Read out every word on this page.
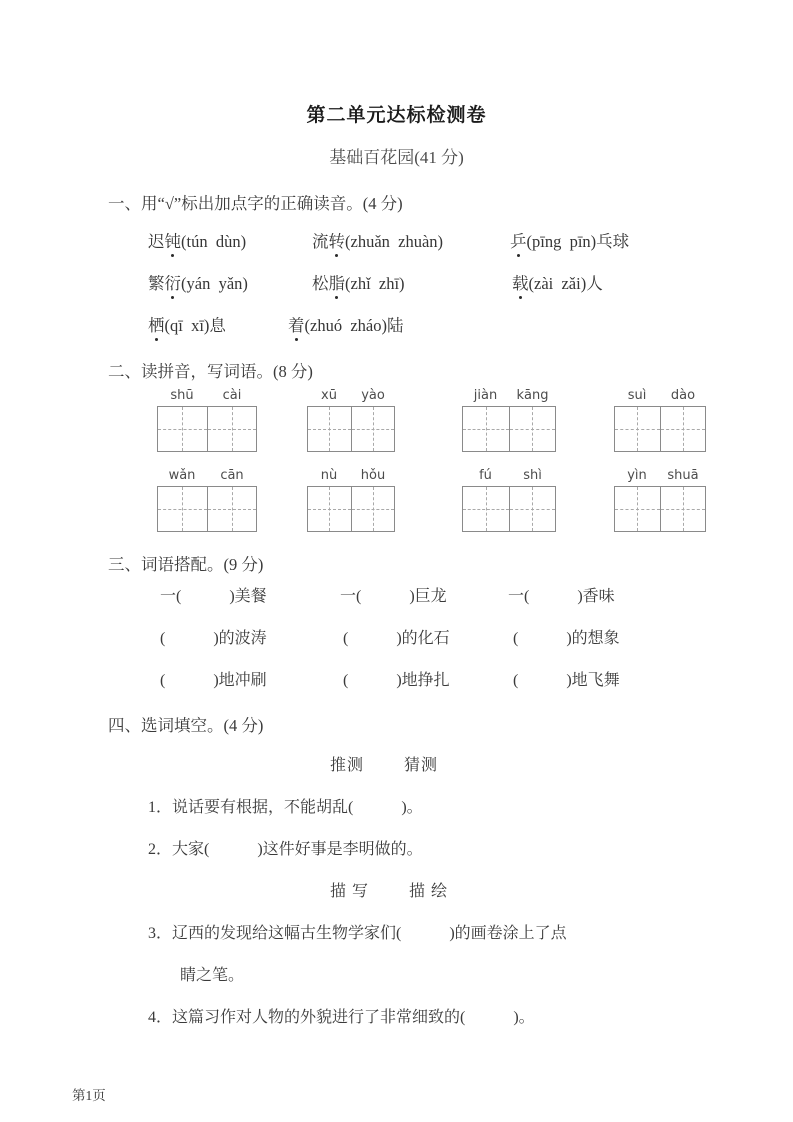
第二单元达标检测卷
基础百花园(41 分)
一、用“√”标出加点字的正确读音。(4 分)
迟钝(tún  dùn)	流转(zhuǎn  zhuàn)	乒(pīng  pīn)乓球
繁衍(yán  yǎn)	松脂(zhǐ  zhī)	载(zài  zǎi)人
栖(qī  xī)息	着(zhuó  zháo)陆
二、读拼音，写词语。(8 分)
shū	cài	xū	yào	jiàn	kāng	suì	dào
wǎn	cān	nù	hǒu	fú	shì	yìn	shuā
三、词语搭配。(9 分)
一(            )美餐	一(            )巨龙	一(            )香味
(            )的波涛	(            )的化石	(            )的想象
(            )地冲刷	(            )地挣扎	(            )地飞舞
四、选词填空。(4 分)
推测        猜测
1．说话要有根据，不能胡乱(            )。
2．大家(            )这件好事是李明做的。
描 写        描 绘
3．辽西的发现给这幅古生物学家们(            )的画卷涂上了点
睛之笔。
4．这篇习作对人物的外貌进行了非常细致的(            )。
第1页
